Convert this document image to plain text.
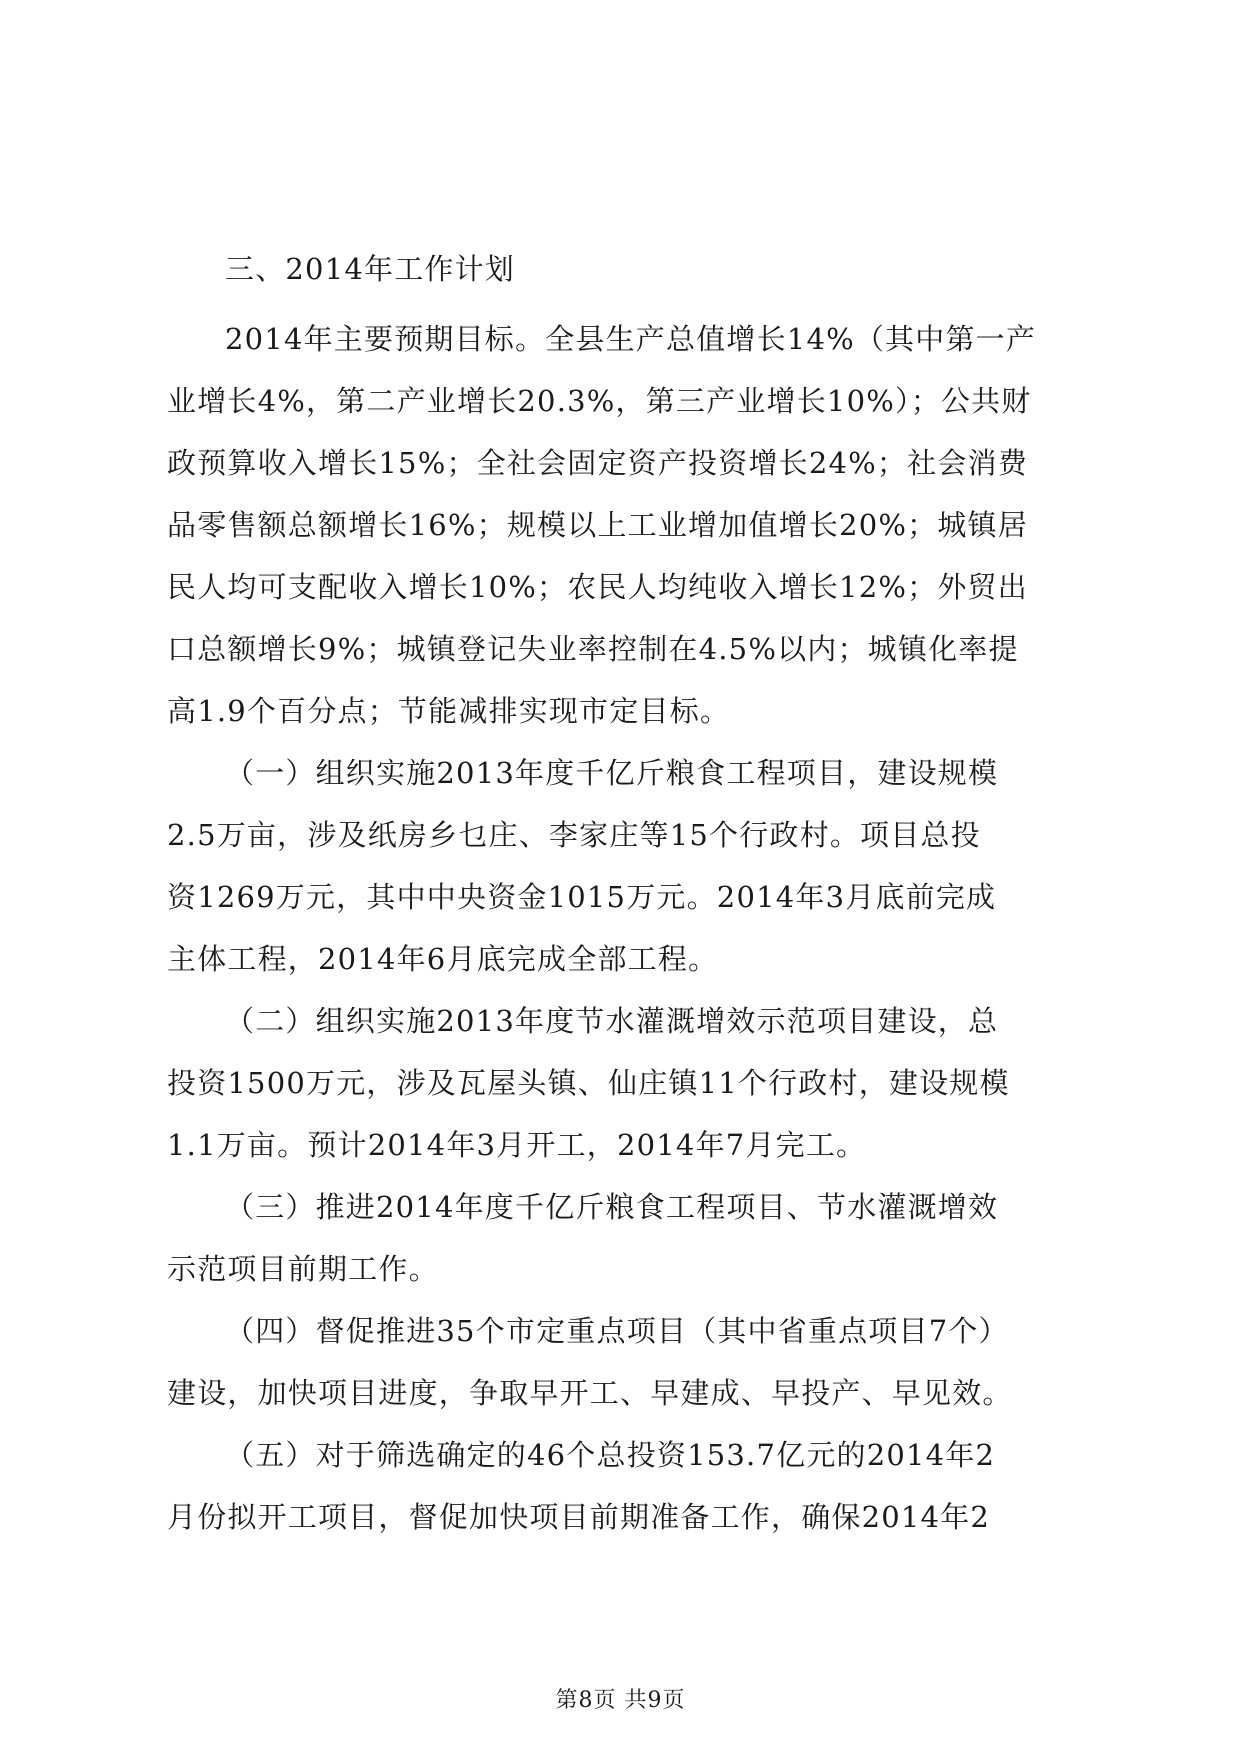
三、2014年工作计划
2014年主要预期目标。全县生产总值增长14%（其中第一产
业增长4%，第二产业增长20.3%，第三产业增长10%）；公共财
政预算收入增长15%；全社会固定资产投资增长24%；社会消费
品零售额总额增长16%；规模以上工业增加值增长20%；城镇居
民人均可支配收入增长10%；农民人均纯收入增长12%；外贸出
口总额增长9%；城镇登记失业率控制在4.5%以内；城镇化率提
高1.9个百分点；节能减排实现市定目标。
（一）组织实施2013年度千亿斤粮食工程项目，建设规模
2.5万亩，涉及纸房乡乜庄、李家庄等15个行政村。项目总投
资1269万元，其中中央资金1015万元。2014年3月底前完成
主体工程，2014年6月底完成全部工程。
（二）组织实施2013年度节水灌溉增效示范项目建设，总
投资1500万元，涉及瓦屋头镇、仙庄镇11个行政村，建设规模
1.1万亩。预计2014年3月开工，2014年7月完工。
（三）推进2014年度千亿斤粮食工程项目、节水灌溉增效
示范项目前期工作。
（四）督促推进35个市定重点项目（其中省重点项目7个）
建设，加快项目进度，争取早开工、早建成、早投产、早见效。
（五）对于筛选确定的46个总投资153.7亿元的2014年2
月份拟开工项目，督促加快项目前期准备工作，确保2014年2
第8页 共9页
